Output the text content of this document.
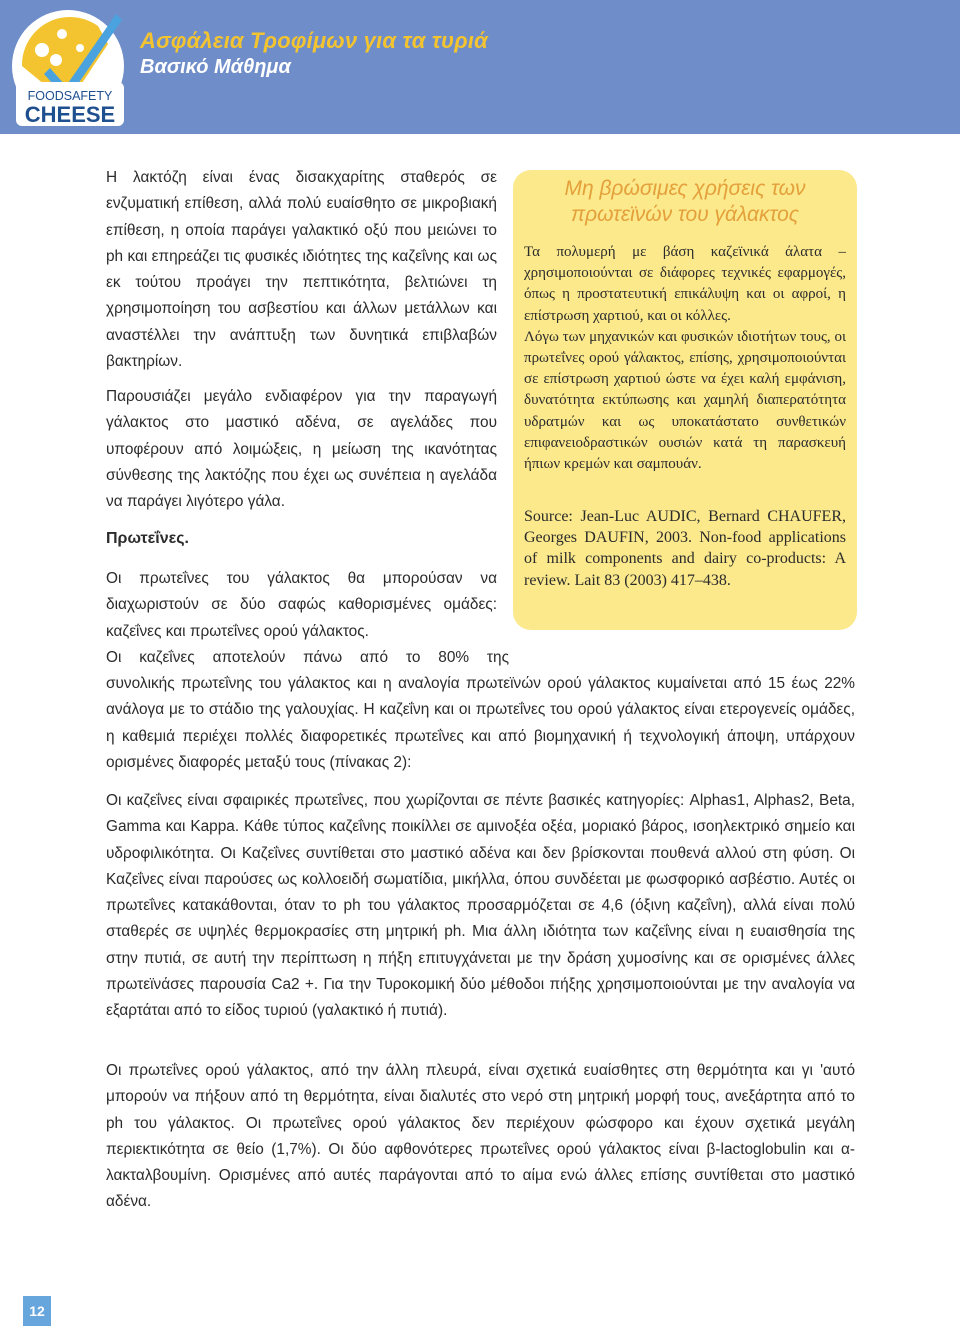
FOODSAFETY
CHEESE
Ασφάλεια Τροφίμων για τα τυριά
Βασικό Μάθημα

Η λακτόζη είναι ένας δισακχαρίτης σταθερός σε ενζυματική επίθεση, αλλά πολύ ευαίσθητο σε μικροβιακή επίθεση, η οποία παράγει γαλακτικό οξύ που μειώνει το ph και επηρεάζει τις φυσικές ιδιότητες της καζεΐνης και ως εκ τούτου προάγει την πεπτικότητα, βελτιώνει τη χρησιμοποίηση του ασβεστίου και άλλων μετάλλων και αναστέλλει την ανάπτυξη των δυνητικά επιβλαβών βακτηρίων.

Παρουσιάζει μεγάλο ενδιαφέρον για την παραγωγή γάλακτος στο μαστικό αδένα, σε αγελάδες που υποφέρουν από λοιμώξεις, η μείωση της ικανότητας σύνθεσης της λακτόζης που έχει ως συνέπεια η αγελάδα να παράγει λιγότερο γάλα.

Πρωτεΐνες.

Οι πρωτεΐνες του γάλακτος θα μπορούσαν να διαχωριστούν σε δύο σαφώς καθορισμένες ομάδες: καζεΐνες και πρωτεΐνες ορού γάλακτος.

Οι καζεΐνες αποτελούν πάνω από το 80% της

συνολικής πρωτεΐνης του γάλακτος και η αναλογία πρωτεϊνών ορού γάλακτος κυμαίνεται από 15 έως 22% ανάλογα με το στάδιο της γαλουχίας. Η καζεΐνη και οι πρωτεΐνες του ορού γάλακτος είναι ετερογενείς ομάδες, η καθεμιά περιέχει πολλές διαφορετικές πρωτεΐνες και από βιομηχανική ή τεχνολογική άποψη, υπάρχουν ορισμένες διαφορές μεταξύ τους (πίνακας 2):

Οι καζεΐνες είναι σφαιρικές πρωτεΐνες, που χωρίζονται σε πέντε βασικές κατηγορίες: Alphas1, Alphas2, Beta, Gamma και Kappa. Κάθε τύπος καζεΐνης ποικίλλει σε αμινοξέα οξέα, μοριακό βάρος, ισοηλεκτρικό σημείο και υδροφιλικότητα. Οι Καζεΐνες συντίθεται στο μαστικό αδένα και δεν βρίσκονται πουθενά αλλού στη φύση. Οι Καζεΐνες είναι παρούσες ως κολλοειδή σωματίδια, μικήλλα, όπου συνδέεται με φωσφορικό ασβέστιο. Αυτές οι πρωτεΐνες κατακάθονται, όταν το ph του γάλακτος προσαρμόζεται σε 4,6 (όξινη καζεΐνη), αλλά είναι πολύ σταθερές σε υψηλές θερμοκρασίες στη μητρική ph. Μια άλλη ιδιότητα των καζεΐνης είναι η ευαισθησία της στην πυτιά, σε αυτή την περίπτωση η πήξη επιτυγχάνεται με την δράση χυμοσίνης και σε ορισμένες άλλες πρωτεϊνάσες παρουσία Ca2 +. Για την Τυροκομική δύο μέθοδοι πήξης χρησιμοποιούνται με την αναλογία να εξαρτάται από το είδος τυριού (γαλακτικό ή πυτιά).

Οι πρωτεΐνες ορού γάλακτος, από την άλλη πλευρά, είναι σχετικά ευαίσθητες στη θερμότητα και γι 'αυτό μπορούν να πήξουν από τη θερμότητα, είναι διαλυτές στο νερό στη μητρική μορφή τους, ανεξάρτητα από το ph του γάλακτος. Οι πρωτεΐνες ορού γάλακτος δεν περιέχουν φώσφορο και έχουν σχετικά μεγάλη περιεκτικότητα σε θείο (1,7%). Οι δύο αφθονότερες πρωτεΐνες ορού γάλακτος είναι β-lactoglobulin και α-λακταλβουμίνη. Ορισμένες από αυτές παράγονται από το αίμα ενώ άλλες επίσης συντίθεται στο μαστικό αδένα.

Μη βρώσιμες χρήσεις των
πρωτεϊνών του γάλακτος

Τα πολυμερή με βάση καζεϊνικά άλατα – χρησιμοποιούνται σε διάφορες τεχνικές εφαρμογές, όπως η προστατευτική επικάλυψη και οι αφροί, η επίστρωση χαρτιού, και οι κόλλες.

Λόγω των μηχανικών και φυσικών ιδιοτήτων τους, οι πρωτεΐνες ορού γάλακτος, επίσης, χρησιμοποιούνται σε επίστρωση χαρτιού ώστε να έχει καλή εμφάνιση, δυνατότητα εκτύπωσης και χαμηλή διαπερατότητα υδρατμών και ως υποκατάστατο συνθετικών επιφανειοδραστικών ουσιών κατά τη παρασκευή ήπιων κρεμών και σαμπουάν.

Source: Jean-Luc AUDIC, Bernard CHAUFER, Georges DAUFIN, 2003. Non-food applications of milk components and dairy co-products: A review. Lait 83 (2003) 417–438.

12
